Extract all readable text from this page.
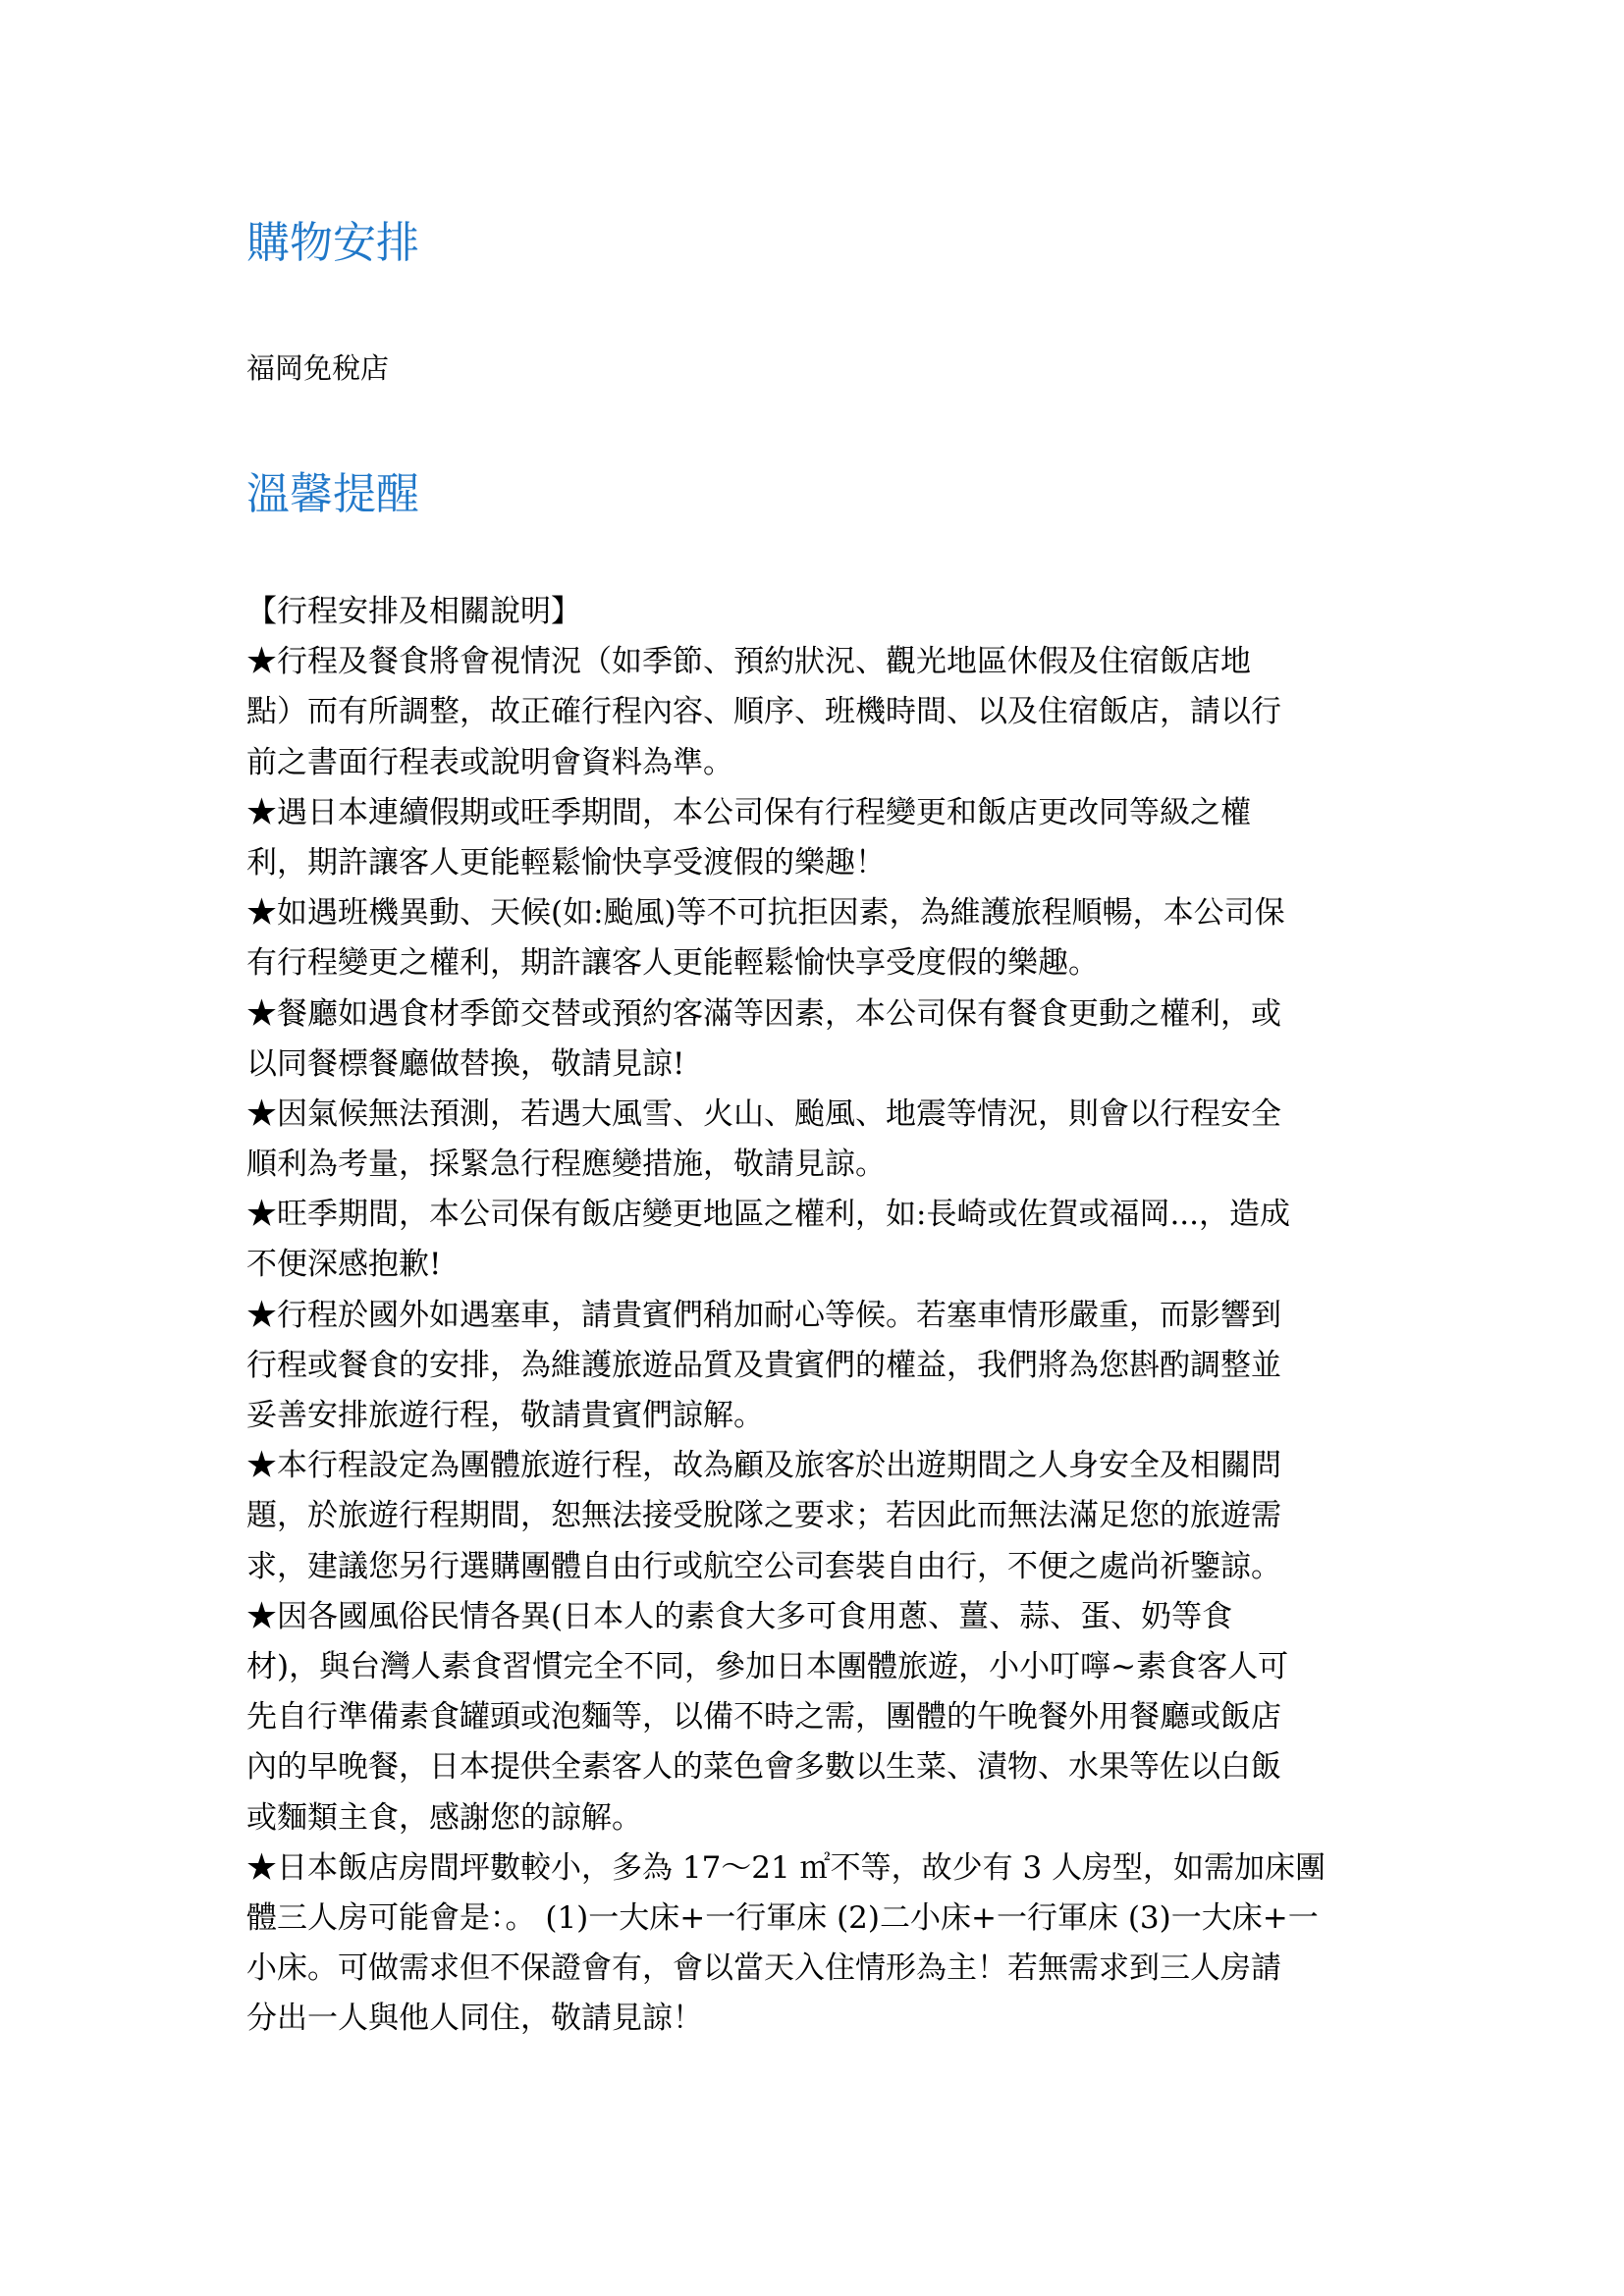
購物安排

福岡免稅店

溫馨提醒
【行程安排及相關說明】
★行程及餐食將會視情況（如季節、預約狀況、觀光地區休假及住宿飯店地
點）而有所調整，故正確行程內容、順序、班機時間、以及住宿飯店，請以行
前之書面行程表或說明會資料為準。
★遇日本連續假期或旺季期間，本公司保有行程變更和飯店更改同等級之權
利，期許讓客人更能輕鬆愉快享受渡假的樂趣！
★如遇班機異動、天候(如:颱風)等不可抗拒因素，為維護旅程順暢，本公司保
有行程變更之權利，期許讓客人更能輕鬆愉快享受度假的樂趣。
★餐廳如遇食材季節交替或預約客滿等因素，本公司保有餐食更動之權利，或
以同餐標餐廳做替換，敬請見諒!
★因氣候無法預測，若遇大風雪、火山、颱風、地震等情況，則會以行程安全
順利為考量，採緊急行程應變措施，敬請見諒。
★旺季期間，本公司保有飯店變更地區之權利，如:長崎或佐賀或福岡...，造成
不便深感抱歉!
★行程於國外如遇塞車，請貴賓們稍加耐心等候。若塞車情形嚴重，而影響到
行程或餐食的安排，為維護旅遊品質及貴賓們的權益，我們將為您斟酌調整並
妥善安排旅遊行程，敬請貴賓們諒解。
★本行程設定為團體旅遊行程，故為顧及旅客於出遊期間之人身安全及相關問
題，於旅遊行程期間，恕無法接受脫隊之要求；若因此而無法滿足您的旅遊需
求，建議您另行選購團體自由行或航空公司套裝自由行，不便之處尚祈鑒諒。
★因各國風俗民情各異(日本人的素食大多可食用蔥、薑、蒜、蛋、奶等食
材)，與台灣人素食習慣完全不同，參加日本團體旅遊，小小叮嚀~素食客人可
先自行準備素食罐頭或泡麵等，以備不時之需，團體的午晚餐外用餐廳或飯店
內的早晚餐，日本提供全素客人的菜色會多數以生菜、漬物、水果等佐以白飯
或麵類主食，感謝您的諒解。
★日本飯店房間坪數較小，多為 17～21 ㎡不等，故少有 3 人房型，如需加床團
體三人房可能會是：。 (1)一大床+一行軍床 (2)二小床+一行軍床 (3)一大床+一
小床。可做需求但不保證會有，會以當天入住情形為主！若無需求到三人房請
分出一人與他人同住，敬請見諒！
